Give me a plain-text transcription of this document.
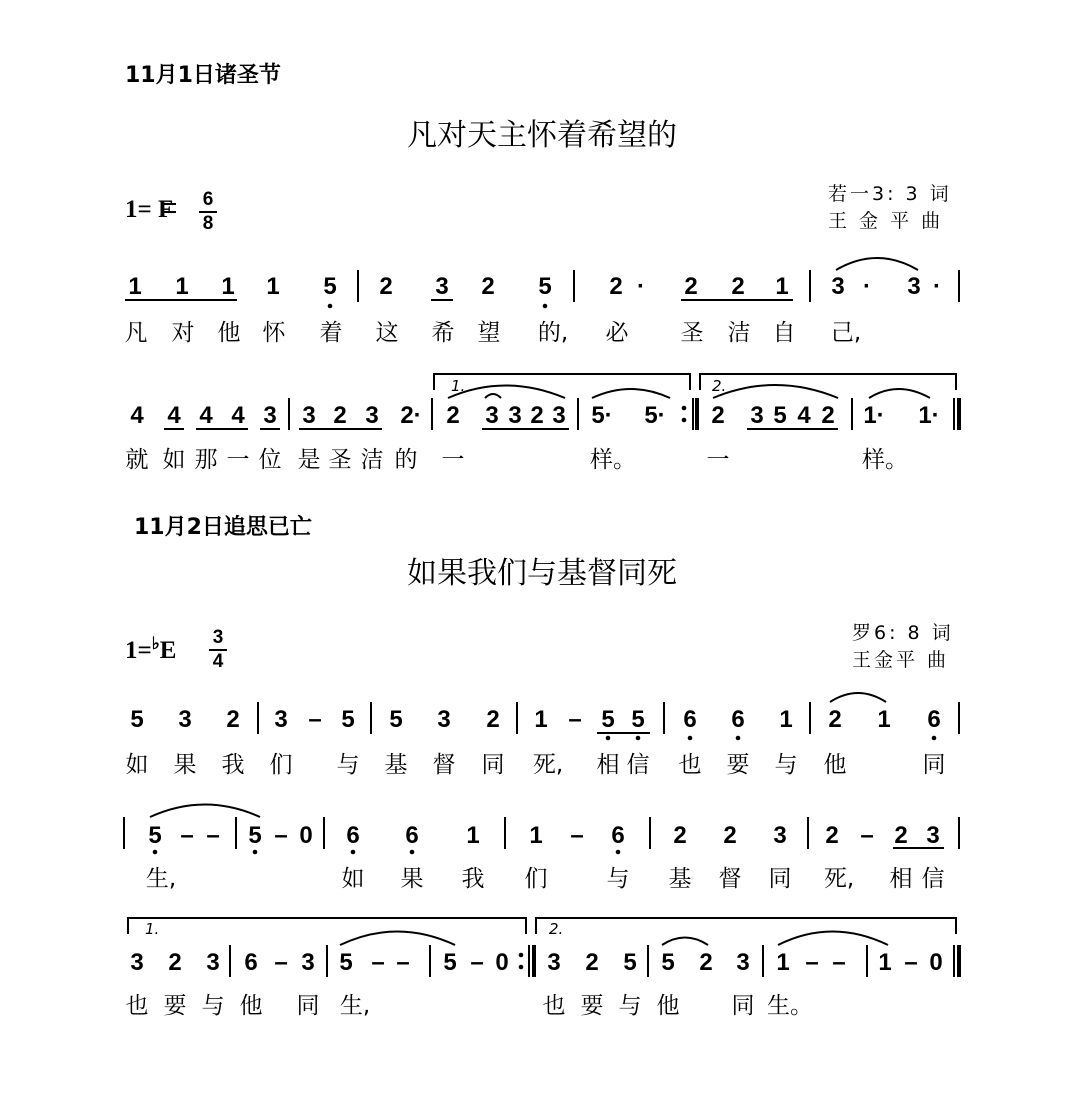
11月1日诸圣节
凡对天主怀着希望的
1= F	6
8
若一3: 3 词
王 金 平 曲
1	1	1	1	5	2	3	2	5	2 ·	2	2	1	3 ·	3 ·
凡 对 他 怀 着 这 希 望 的, 必 圣 洁 自 己,
4 4 4 4 3	3 2 3 2·	2	3 3 2 3	5· 5·	2	3 5 4 2	1· 1·
就 如 那 一 位 是 圣 洁 的 一	样。	一	样。
1.	2.
11月2日追思已亡
如果我们与基督同死
1=♭E	3
4
罗6: 8 词
王金平 曲
5	3	2	3 – 5	5	3	2	1 – 5 5	6	6	1	2	1	6
如 果 我 们 与 基 督 同 死, 相 信 也 要 与 他	同
5 – –	5 – 0	6	6	1	1	–	6	2	2	3	2 – 2 3
生,	如 果 我 们	与 基 督 同 死, 相 信
3	2	3	6 – 3	5 – –	5 – 0	3	2	5	5	2 3	1 – –	1 – 0
也 要 与 他 同 生,	也 要 与 他 同 生。
1.	2.
